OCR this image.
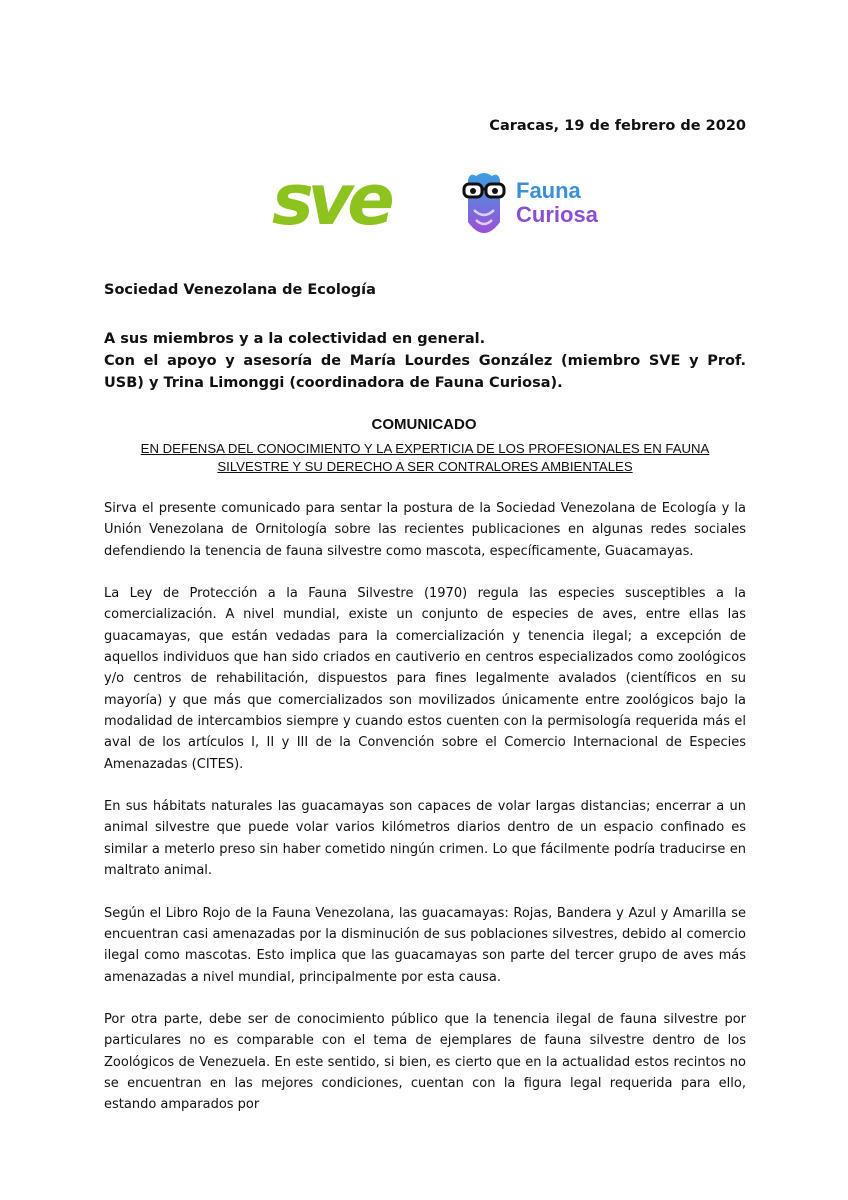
Caracas, 19 de febrero de 2020
sve	Fauna
Curiosa
Sociedad Venezolana de Ecología

A sus miembros y a la colectividad en general.

Con el apoyo y asesoría de María Lourdes González (miembro SVE y Prof. USB) y Trina Limonggi (coordinadora de Fauna Curiosa).

COMUNICADO
EN DEFENSA DEL CONOCIMIENTO Y LA EXPERTICIA DE LOS PROFESIONALES EN FAUNA SILVESTRE Y SU DERECHO A SER CONTRALORES AMBIENTALES

Sirva el presente comunicado para sentar la postura de la Sociedad Venezolana de Ecología y la Unión Venezolana de Ornitología sobre las recientes publicaciones en algunas redes sociales defendiendo la tenencia de fauna silvestre como mascota, específicamente, Guacamayas.

La Ley de Protección a la Fauna Silvestre (1970) regula las especies susceptibles a la comercialización. A nivel mundial, existe un conjunto de especies de aves, entre ellas las guacamayas, que están vedadas para la comercialización y tenencia ilegal; a excepción de aquellos individuos que han sido criados en cautiverio en centros especializados como zoológicos y/o centros de rehabilitación, dispuestos para fines legalmente avalados (científicos en su mayoría) y que más que comercializados son movilizados únicamente entre zoológicos bajo la modalidad de intercambios siempre y cuando estos cuenten con la permisología requerida más el aval de los artículos I, II y III de la Convención sobre el Comercio Internacional de Especies Amenazadas (CITES).

En sus hábitats naturales las guacamayas son capaces de volar largas distancias; encerrar a un animal silvestre que puede volar varios kilómetros diarios dentro de un espacio confinado es similar a meterlo preso sin haber cometido ningún crimen. Lo que fácilmente podría traducirse en maltrato animal.

Según el Libro Rojo de la Fauna Venezolana, las guacamayas: Rojas, Bandera y Azul y Amarilla se encuentran casi amenazadas por la disminución de sus poblaciones silvestres, debido al comercio ilegal como mascotas. Esto implica que las guacamayas son parte del tercer grupo de aves más amenazadas a nivel mundial, principalmente por esta causa.

Por otra parte, debe ser de conocimiento público que la tenencia ilegal de fauna silvestre por particulares no es comparable con el tema de ejemplares de fauna silvestre dentro de los Zoológicos de Venezuela. En este sentido, si bien, es cierto que en la actualidad estos recintos no se encuentran en las mejores condiciones, cuentan con la figura legal requerida para ello, estando amparados por
